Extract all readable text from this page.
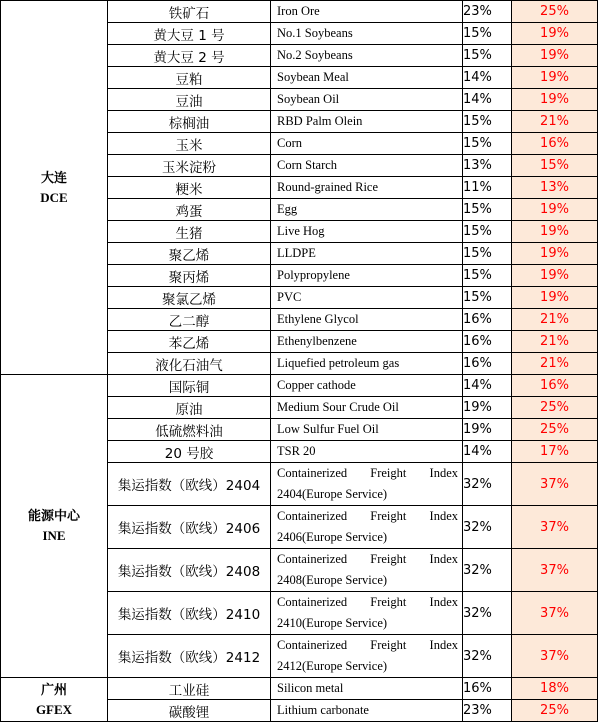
大连
DCE	铁矿石	Iron Ore	23%	25%
	黄大豆 1 号	No.1 Soybeans	15%	19%
	黄大豆 2 号	No.2 Soybeans	15%	19%
	豆粕	Soybean Meal	14%	19%
	豆油	Soybean Oil	14%	19%
	棕榈油	RBD Palm Olein	15%	21%
	玉米	Corn	15%	16%
	玉米淀粉	Corn Starch	13%	15%
	粳米	Round-grained Rice	11%	13%
	鸡蛋	Egg	15%	19%
	生猪	Live Hog	15%	19%
	聚乙烯	LLDPE	15%	19%
	聚丙烯	Polypropylene	15%	19%
	聚氯乙烯	PVC	15%	19%
	乙二醇	Ethylene Glycol	16%	21%
	苯乙烯	Ethenylbenzene	16%	21%
	液化石油气	Liquefied petroleum gas	16%	21%

能源中心
INE	国际铜	Copper cathode	14%	16%
	原油	Medium Sour Crude Oil	19%	25%
	低硫燃料油	Low Sulfur Fuel Oil	19%	25%
	20 号胶	TSR 20	14%	17%
	集运指数（欧线）2404	Containerized Freight Index
2404(Europe Service)	32%	37%
	集运指数（欧线）2406	Containerized Freight Index
2406(Europe Service)	32%	37%
	集运指数（欧线）2408	Containerized Freight Index
2408(Europe Service)	32%	37%
	集运指数（欧线）2410	Containerized Freight Index
2410(Europe Service)	32%	37%
	集运指数（欧线）2412	Containerized Freight Index
2412(Europe Service)	32%	37%

广州
GFEX	工业硅	Silicon metal	16%	18%
	碳酸锂	Lithium carbonate	23%	25%
